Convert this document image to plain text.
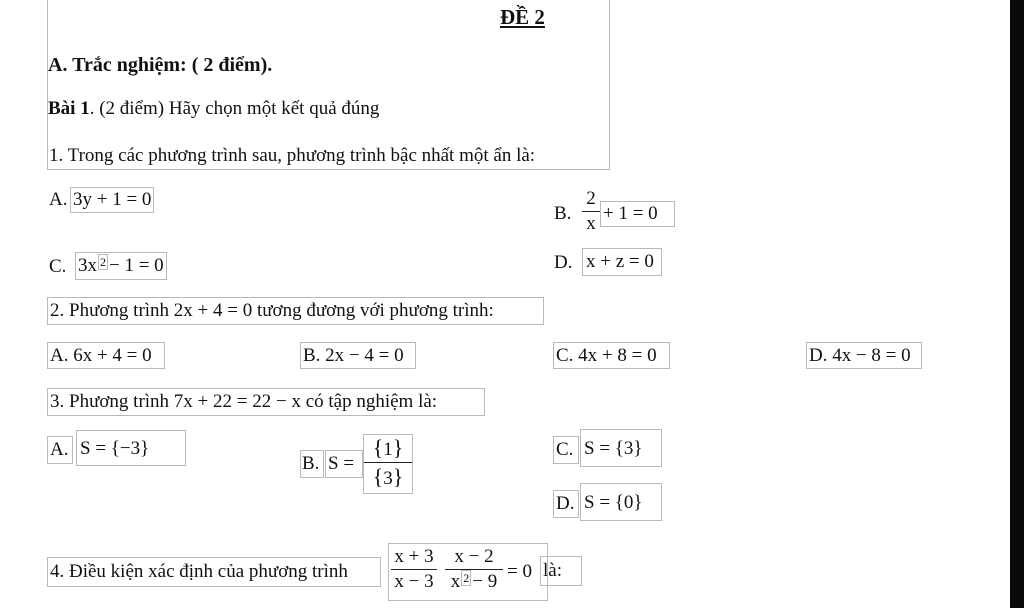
ĐỀ 2
A. Trắc nghiệm: ( 2 điểm).
Bài 1. (2 điểm) Hãy chọn một kết quả đúng
1. Trong các phương trình sau, phương trình bậc nhất một ẩn là:
A. 3y + 1 = 0
B.
2
x + 1 = 0
C. 3x $^2$ − 1 = 0	D. x + z = 0
2. Phương trình 2x + 4 = 0 tương đương với phương trình:
A. 6x + 4 = 0	B. 2x − 4 = 0	C. 4x + 8 = 0	D. 4x − 8 = 0
3. Phương trình 7x + 22 = 22 − x có tập nghiệm là:
A. S = {−3}
B. S =
{1}
{3}
C. S = {3}
D. S = {0}
4. Điều kiện xác định của phương trình
x + 3
x − 3
x − 2
x $^2$ − 9 = 0 là:
